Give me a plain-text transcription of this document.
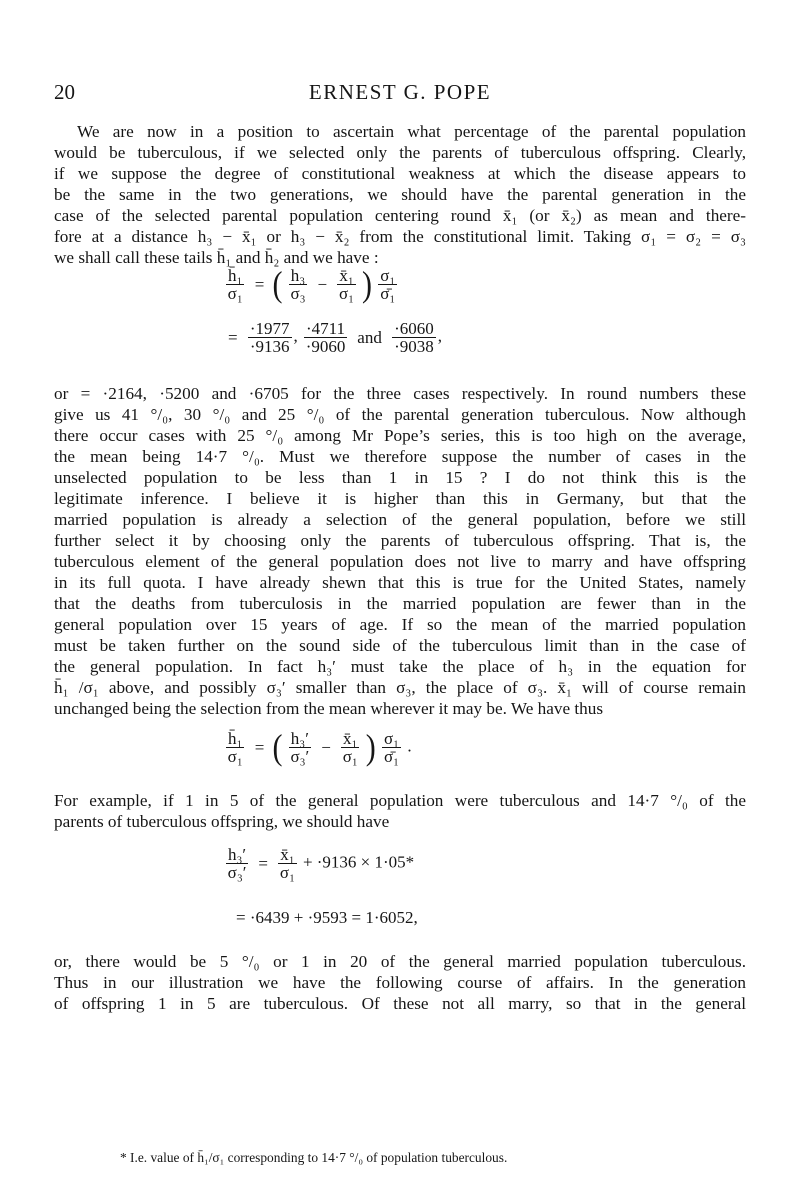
20	ERNEST G. POPE

We are now in a position to ascertain what percentage of the parental population

would be tuberculous, if we selected only the parents of tuberculous offspring. Clearly,
if we suppose the degree of constitutional weakness at which the disease appears to
be the same in the two generations, we should have the parental generation in the
case of the selected parental population centering round x̄₁ (or x̄₂) as mean and there-
fore at a distance h₃ − x̄₁ or h₃ − x̄₂ from the constitutional limit. Taking σ₁ = σ₂ = σ₃
we shall call these tails h̄₁ and h̄₂ and we have :

$\frac{\text{h̄₁}}{\text{σ₁}}$ = ( $\frac{\text{h₃}}{\text{σ₃}} - \frac{\text{x̄₁}}{\text{σ₁}}$ ) $\frac{\text{σ₁}}{\text{σ̄₁}}$
= $\frac{\cdot 1977}{\cdot 9136}$ , $\frac{\cdot 4711}{\cdot 9060}$ and $\frac{\cdot 6060}{\cdot 9038}$ ,

or = ·2164, ·5200 and ·6705 for the three cases respectively. In round numbers these
give us 41 °/₀, 30 °/₀ and 25 °/₀ of the parental generation tuberculous. Now although
there occur cases with 25 °/₀ among Mr Pope’s series, this is too high on the average,
the mean being 14·7 °/₀. Must we therefore suppose the number of cases in the
unselected population to be less than 1 in 15 ? I do not think this is the
legitimate inference. I believe it is higher than this in Germany, but that the
married population is already a selection of the general population, before we still
further select it by choosing only the parents of tuberculous offspring. That is, the
tuberculous element of the general population does not live to marry and have offspring
in its full quota. I have already shewn that this is true for the United States, namely
that the deaths from tuberculosis in the married population are fewer than in the
general population over 15 years of age. If so the mean of the married population
must be taken further on the sound side of the tuberculous limit than in the case of
the general population. In fact h₃′ must take the place of h₃ in the equation for
h̄₁ /σ₁ above, and possibly σ₃′ smaller than σ₃, the place of σ₃. x̄₁ will of course remain
unchanged being the selection from the mean wherever it may be. We have thus

$\frac{\text{h̄₁}}{\text{σ₁}}$ = ( $\frac{\text{h₃′}}{\text{σ₃′}} - \frac{\text{x̄₁}}{\text{σ₁}}$ ) $\frac{\text{σ₁}}{\text{σ̄₁}}$ .

For example, if 1 in 5 of the general population were tuberculous and 14·7 °/₀ of the
parents of tuberculous offspring, we should have

$\frac{\text{h₃′}}{\text{σ₃′}} = \frac{\text{x̄₁}}{\text{σ₁}} + \cdot 9136 \times 1\cdot 05*$
= ·6439 + ·9593 = 1·6052,

or, there would be 5 °/₀ or 1 in 20 of the general married population tuberculous.
Thus in our illustration we have the following course of affairs. In the generation
of offspring 1 in 5 are tuberculous. Of these not all marry, so that in the general

* I.e. value of h̄₁/σ₁ corresponding to 14·7 °/₀ of population tuberculous.
